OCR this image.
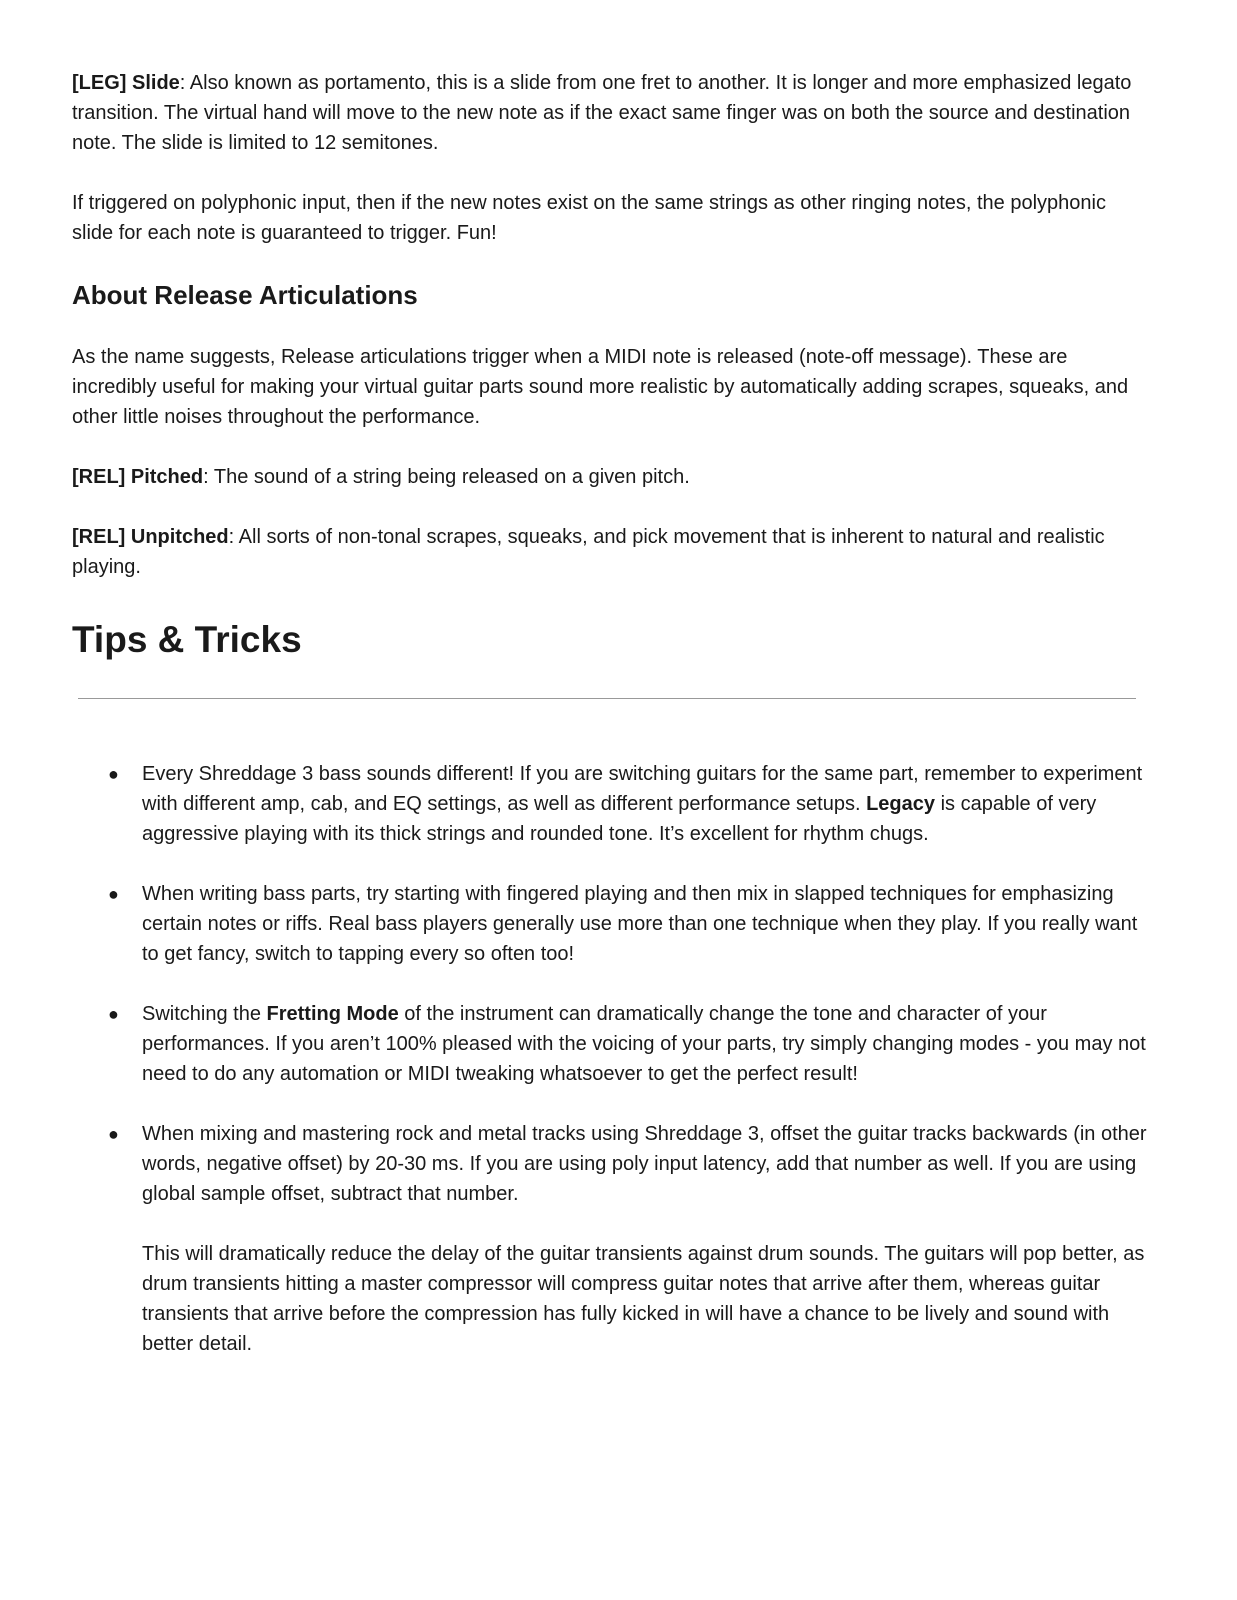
[LEG] Slide: Also known as portamento, this is a slide from one fret to another. It is longer and more emphasized legato transition. The virtual hand will move to the new note as if the exact same finger was on both the source and destination note. The slide is limited to 12 semitones.

If triggered on polyphonic input, then if the new notes exist on the same strings as other ringing notes, the polyphonic slide for each note is guaranteed to trigger. Fun!

About Release Articulations

As the name suggests, Release articulations trigger when a MIDI note is released (note-off message). These are incredibly useful for making your virtual guitar parts sound more realistic by automatically adding scrapes, squeaks, and other little noises throughout the performance.

[REL] Pitched: The sound of a string being released on a given pitch.

[REL] Unpitched: All sorts of non-tonal scrapes, squeaks, and pick movement that is inherent to natural and realistic playing.

Tips & Tricks
● Every Shreddage 3 bass sounds different! If you are switching guitars for the same part, remember to experiment with different amp, cab, and EQ settings, as well as different performance setups. Legacy is capable of very aggressive playing with its thick strings and rounded tone. It’s excellent for rhythm chugs.

● When writing bass parts, try starting with fingered playing and then mix in slapped techniques for emphasizing certain notes or riffs. Real bass players generally use more than one technique when they play. If you really want to get fancy, switch to tapping every so often too!

● Switching the Fretting Mode of the instrument can dramatically change the tone and character of your performances. If you aren’t 100% pleased with the voicing of your parts, try simply changing modes - you may not need to do any automation or MIDI tweaking whatsoever to get the perfect result!

● When mixing and mastering rock and metal tracks using Shreddage 3, offset the guitar tracks backwards (in other words, negative offset) by 20-30 ms. If you are using poly input latency, add that number as well. If you are using global sample offset, subtract that number.

This will dramatically reduce the delay of the guitar transients against drum sounds. The guitars will pop better, as drum transients hitting a master compressor will compress guitar notes that arrive after them, whereas guitar transients that arrive before the compression has fully kicked in will have a chance to be lively and sound with better detail.
